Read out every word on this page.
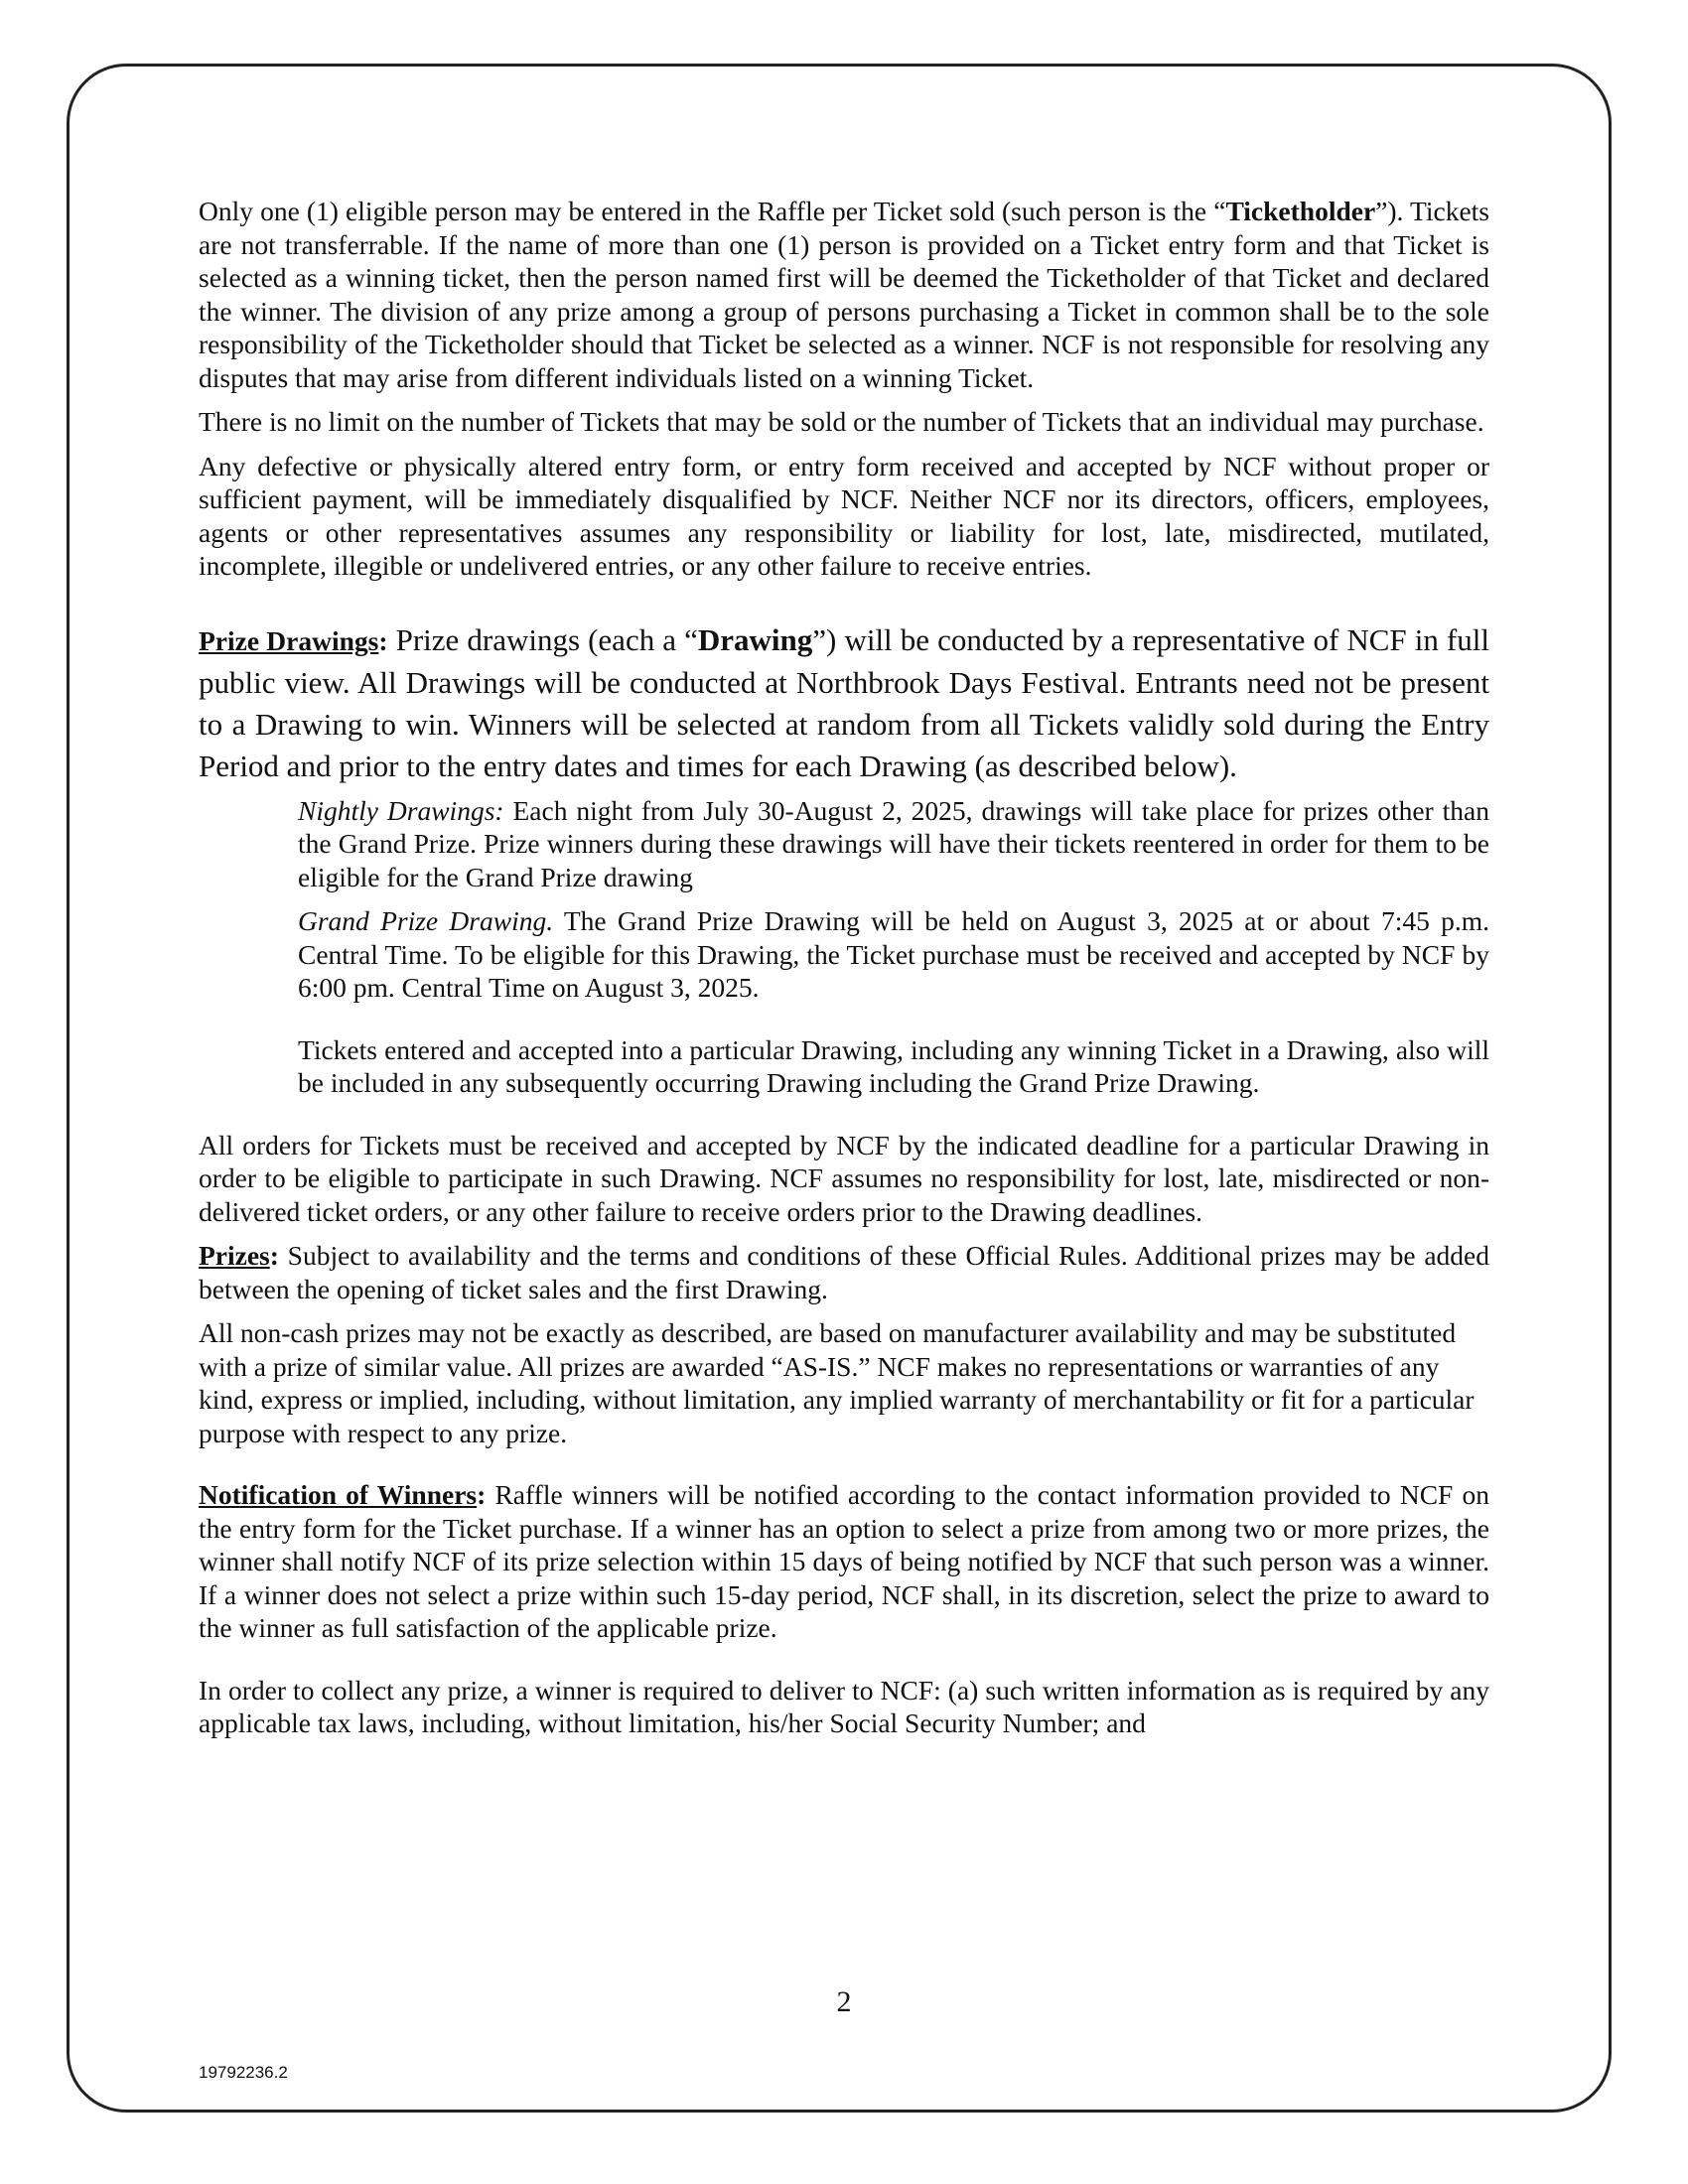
Only one (1) eligible person may be entered in the Raffle per Ticket sold (such person is the “Ticketholder”). Tickets are not transferrable. If the name of more than one (1) person is provided on a Ticket entry form and that Ticket is selected as a winning ticket, then the person named first will be deemed the Ticketholder of that Ticket and declared the winner. The division of any prize among a group of persons purchasing a Ticket in common shall be to the sole responsibility of the Ticketholder should that Ticket be selected as a winner. NCF is not responsible for resolving any disputes that may arise from different individuals listed on a winning Ticket.

There is no limit on the number of Tickets that may be sold or the number of Tickets that an individual may purchase.

Any defective or physically altered entry form, or entry form received and accepted by NCF without proper or sufficient payment, will be immediately disqualified by NCF. Neither NCF nor its directors, officers, employees, agents or other representatives assumes any responsibility or liability for lost, late, misdirected, mutilated, incomplete, illegible or undelivered entries, or any other failure to receive entries.

Prize Drawings: Prize drawings (each a “Drawing”) will be conducted by a representative of NCF in full public view. All Drawings will be conducted at Northbrook Days Festival. Entrants need not be present to a Drawing to win. Winners will be selected at random from all Tickets validly sold during the Entry Period and prior to the entry dates and times for each Drawing (as described below).

Nightly Drawings: Each night from July 30-August 2, 2025, drawings will take place for prizes other than the Grand Prize. Prize winners during these drawings will have their tickets reentered in order for them to be eligible for the Grand Prize drawing

Grand Prize Drawing. The Grand Prize Drawing will be held on August 3, 2025 at or about 7:45 p.m. Central Time. To be eligible for this Drawing, the Ticket purchase must be received and accepted by NCF by 6:00 pm. Central Time on August 3, 2025.

Tickets entered and accepted into a particular Drawing, including any winning Ticket in a Drawing, also will be included in any subsequently occurring Drawing including the Grand Prize Drawing.

All orders for Tickets must be received and accepted by NCF by the indicated deadline for a particular Drawing in order to be eligible to participate in such Drawing. NCF assumes no responsibility for lost, late, misdirected or non-delivered ticket orders, or any other failure to receive orders prior to the Drawing deadlines.

Prizes: Subject to availability and the terms and conditions of these Official Rules. Additional prizes may be added between the opening of ticket sales and the first Drawing.

All non-cash prizes may not be exactly as described, are based on manufacturer availability and may be substituted with a prize of similar value. All prizes are awarded “AS-IS.” NCF makes no representations or warranties of any kind, express or implied, including, without limitation, any implied warranty of merchantability or fit for a particular purpose with respect to any prize.

Notification of Winners: Raffle winners will be notified according to the contact information provided to NCF on the entry form for the Ticket purchase. If a winner has an option to select a prize from among two or more prizes, the winner shall notify NCF of its prize selection within 15 days of being notified by NCF that such person was a winner. If a winner does not select a prize within such 15-day period, NCF shall, in its discretion, select the prize to award to the winner as full satisfaction of the applicable prize.

In order to collect any prize, a winner is required to deliver to NCF: (a) such written information as is required by any applicable tax laws, including, without limitation, his/her Social Security Number; and

2
19792236.2
